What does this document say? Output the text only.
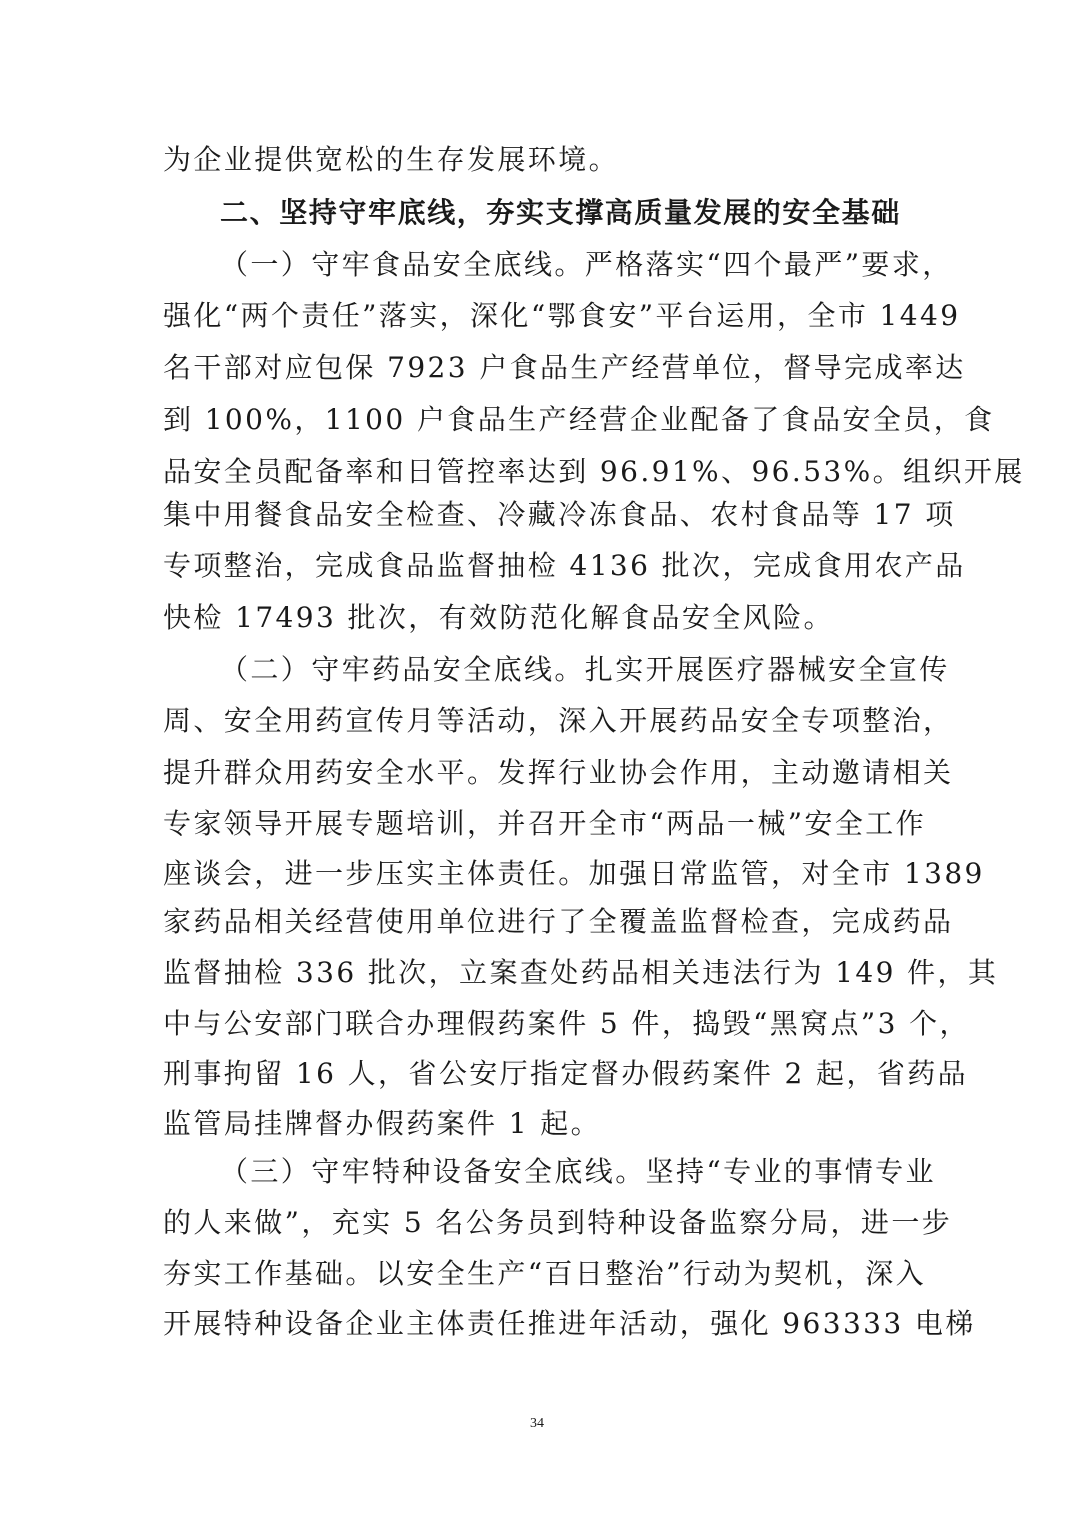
为企业提供宽松的生存发展环境。
二、坚持守牢底线，夯实支撑高质量发展的安全基础
（一）守牢食品安全底线。严格落实“四个最严”要求，
强化“两个责任”落实，深化“鄂食安”平台运用，全市 1449
名干部对应包保 7923 户食品生产经营单位，督导完成率达
到 100%，1100 户食品生产经营企业配备了食品安全员，食
品安全员配备率和日管控率达到 96.91%、96.53%。组织开展
集中用餐食品安全检查、冷藏冷冻食品、农村食品等 17 项
专项整治，完成食品监督抽检 4136 批次，完成食用农产品
快检 17493 批次，有效防范化解食品安全风险。
（二）守牢药品安全底线。扎实开展医疗器械安全宣传
周、安全用药宣传月等活动，深入开展药品安全专项整治，
提升群众用药安全水平。发挥行业协会作用，主动邀请相关
专家领导开展专题培训，并召开全市“两品一械”安全工作
座谈会，进一步压实主体责任。加强日常监管，对全市 1389
家药品相关经营使用单位进行了全覆盖监督检查，完成药品
监督抽检 336 批次，立案查处药品相关违法行为 149 件，其
中与公安部门联合办理假药案件 5 件，捣毁“黑窝点”3 个，
刑事拘留 16 人，省公安厅指定督办假药案件 2 起，省药品
监管局挂牌督办假药案件 1 起。
（三）守牢特种设备安全底线。坚持“专业的事情专业
的人来做”，充实 5 名公务员到特种设备监察分局，进一步
夯实工作基础。以安全生产“百日整治”行动为契机，深入
开展特种设备企业主体责任推进年活动，强化 963333 电梯
34
